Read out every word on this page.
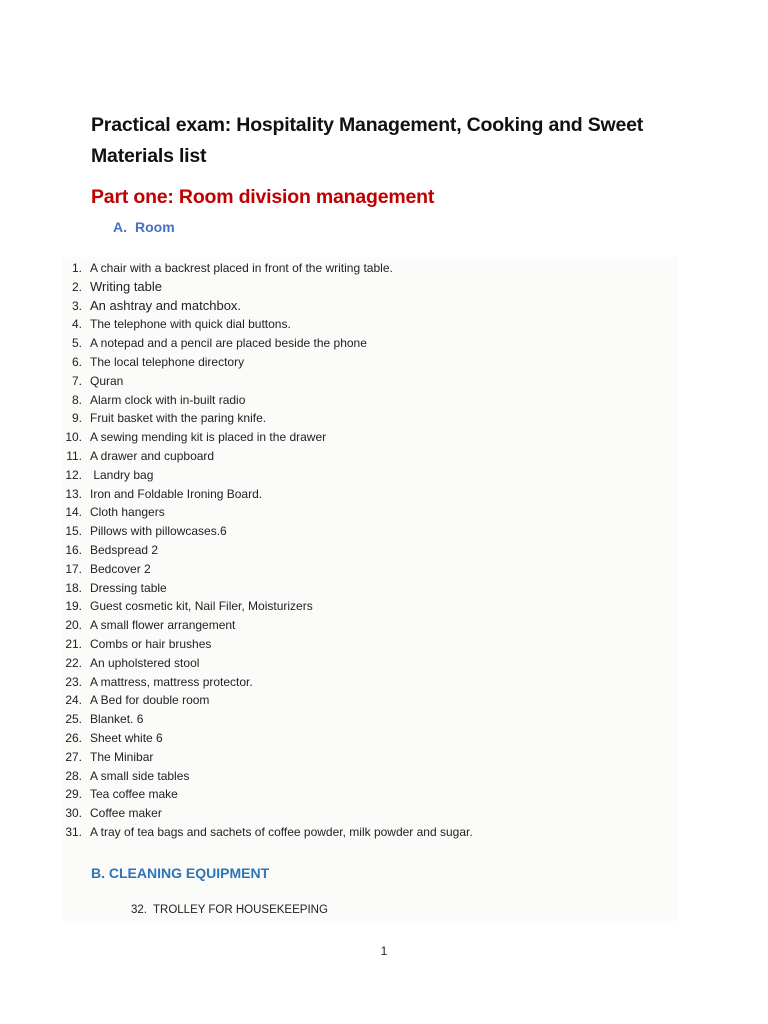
Practical exam: Hospitality Management, Cooking and Sweet Materials list
Part one: Room division management
A. Room
1. A chair with a backrest placed in front of the writing table.
2. Writing table
3. An ashtray and matchbox.
4. The telephone with quick dial buttons.
5. A notepad and a pencil are placed beside the phone
6. The local telephone directory
7. Quran
8. Alarm clock with in-built radio
9. Fruit basket with the paring knife.
10. A sewing mending kit is placed in the drawer
11. A drawer and cupboard
12. Landry bag
13. Iron and Foldable Ironing Board.
14. Cloth hangers
15. Pillows with pillowcases.6
16. Bedspread 2
17. Bedcover 2
18. Dressing table
19. Guest cosmetic kit, Nail Filer, Moisturizers
20. A small flower arrangement
21. Combs or hair brushes
22. An upholstered stool
23. A mattress, mattress protector.
24. A Bed for double room
25. Blanket. 6
26. Sheet white 6
27. The Minibar
28. A small side tables
29. Tea coffee make
30. Coffee maker
31. A tray of tea bags and sachets of coffee powder, milk powder and sugar.
B. CLEANING EQUIPMENT
32. TROLLEY FOR HOUSEKEEPING
1
